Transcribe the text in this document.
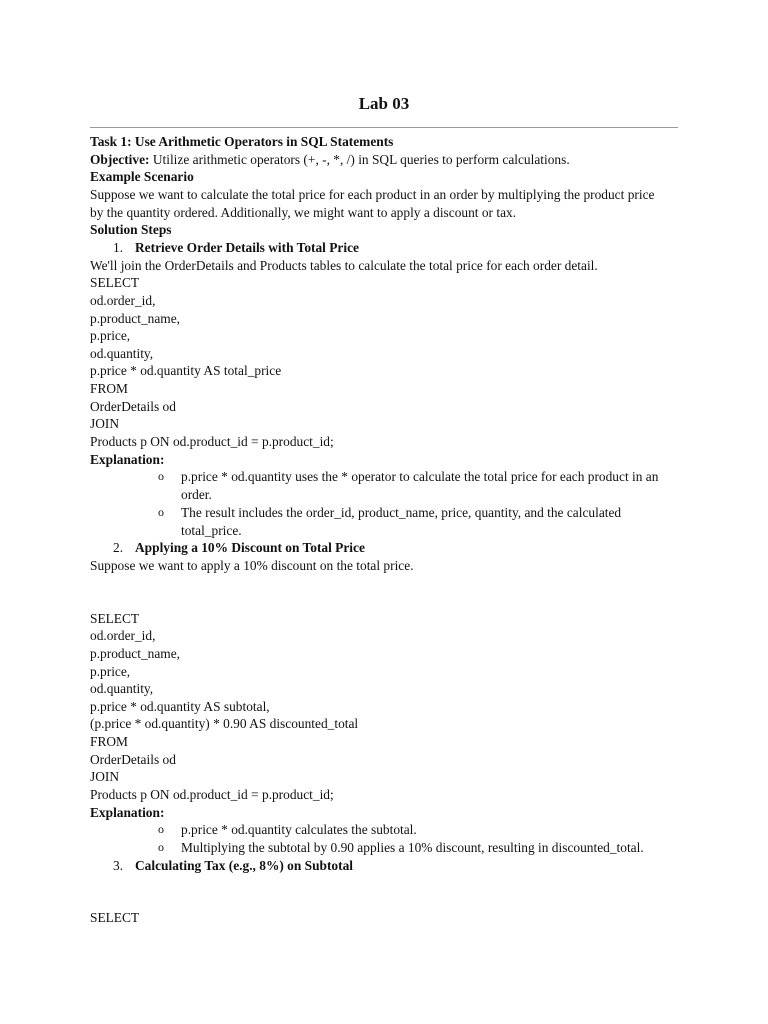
Lab 03
Task 1: Use Arithmetic Operators in SQL Statements
Objective: Utilize arithmetic operators (+, -, *, /) in SQL queries to perform calculations.
Example Scenario
Suppose we want to calculate the total price for each product in an order by multiplying the product price
by the quantity ordered. Additionally, we might want to apply a discount or tax.
Solution Steps
1. Retrieve Order Details with Total Price
We'll join the OrderDetails and Products tables to calculate the total price for each order detail.
SELECT
od.order_id,
p.product_name,
p.price,
od.quantity,
p.price * od.quantity AS total_price
FROM
OrderDetails od
JOIN
Products p ON od.product_id = p.product_id;
Explanation:
o p.price * od.quantity uses the * operator to calculate the total price for each product in an order.
o The result includes the order_id, product_name, price, quantity, and the calculated total_price.
2. Applying a 10% Discount on Total Price
Suppose we want to apply a 10% discount on the total price.
SELECT
od.order_id,
p.product_name,
p.price,
od.quantity,
p.price * od.quantity AS subtotal,
(p.price * od.quantity) * 0.90 AS discounted_total
FROM
OrderDetails od
JOIN
Products p ON od.product_id = p.product_id;
Explanation:
o p.price * od.quantity calculates the subtotal.
o Multiplying the subtotal by 0.90 applies a 10% discount, resulting in discounted_total.
3. Calculating Tax (e.g., 8%) on Subtotal
SELECT
